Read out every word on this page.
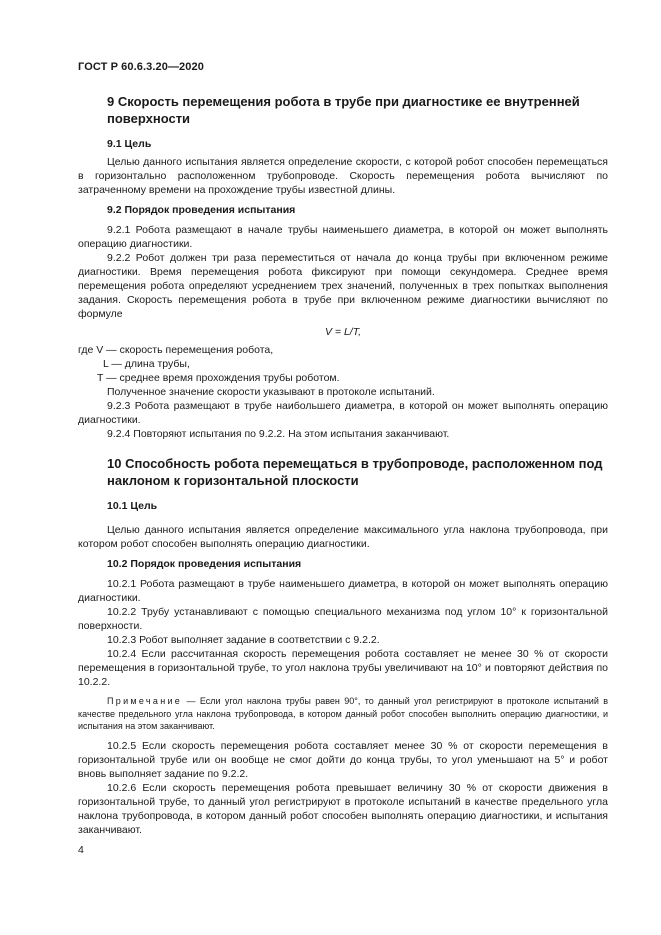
ГОСТ Р 60.6.3.20—2020
9 Скорость перемещения робота в трубе при диагностике ее внутренней поверхности
9.1 Цель

Целью данного испытания является определение скорости, с которой робот способен перемещаться в горизонтально расположенном трубопроводе. Скорость перемещения робота вычисляют по затраченному времени на прохождение трубы известной длины.

9.2 Порядок проведения испытания

9.2.1 Робота размещают в начале трубы наименьшего диаметра, в которой он может выполнять операцию диагностики.

9.2.2 Робот должен три раза переместиться от начала до конца трубы при включенном режиме диагностики. Время перемещения робота фиксируют при помощи секундомера. Среднее время перемещения робота определяют усреднением трех значений, полученных в трех попытках выполнения задания. Скорость перемещения робота в трубе при включенном режиме диагностики вычисляют по формуле

V = L/T,

где V — скорость перемещения робота,

L — длина трубы,

T — среднее время прохождения трубы роботом.

Полученное значение скорости указывают в протоколе испытаний.

9.2.3 Робота размещают в трубе наибольшего диаметра, в которой он может выполнять операцию диагностики.

9.2.4 Повторяют испытания по 9.2.2. На этом испытания заканчивают.

10 Способность робота перемещаться в трубопроводе, расположенном под наклоном к горизонтальной плоскости
10.1 Цель

Целью данного испытания является определение максимального угла наклона трубопровода, при котором робот способен выполнять операцию диагностики.

10.2 Порядок проведения испытания

10.2.1 Робота размещают в трубе наименьшего диаметра, в которой он может выполнять операцию диагностики.

10.2.2 Трубу устанавливают с помощью специального механизма под углом 10° к горизонтальной поверхности.

10.2.3 Робот выполняет задание в соответствии с 9.2.2.

10.2.4 Если рассчитанная скорость перемещения робота составляет не менее 30 % от скорости перемещения в горизонтальной трубе, то угол наклона трубы увеличивают на 10° и повторяют действия по 10.2.2.

Примечание — Если угол наклона трубы равен 90°, то данный угол регистрируют в протоколе испытаний в качестве предельного угла наклона трубопровода, в котором данный робот способен выполнить операцию диагностики, и испытания на этом заканчивают.

10.2.5 Если скорость перемещения робота составляет менее 30 % от скорости перемещения в горизонтальной трубе или он вообще не смог дойти до конца трубы, то угол уменьшают на 5° и робот вновь выполняет задание по 9.2.2.

10.2.6 Если скорость перемещения робота превышает величину 30 % от скорости движения в горизонтальной трубе, то данный угол регистрируют в протоколе испытаний в качестве предельного угла наклона трубопровода, в котором данный робот способен выполнять операцию диагностики, и испытания заканчивают.

4
